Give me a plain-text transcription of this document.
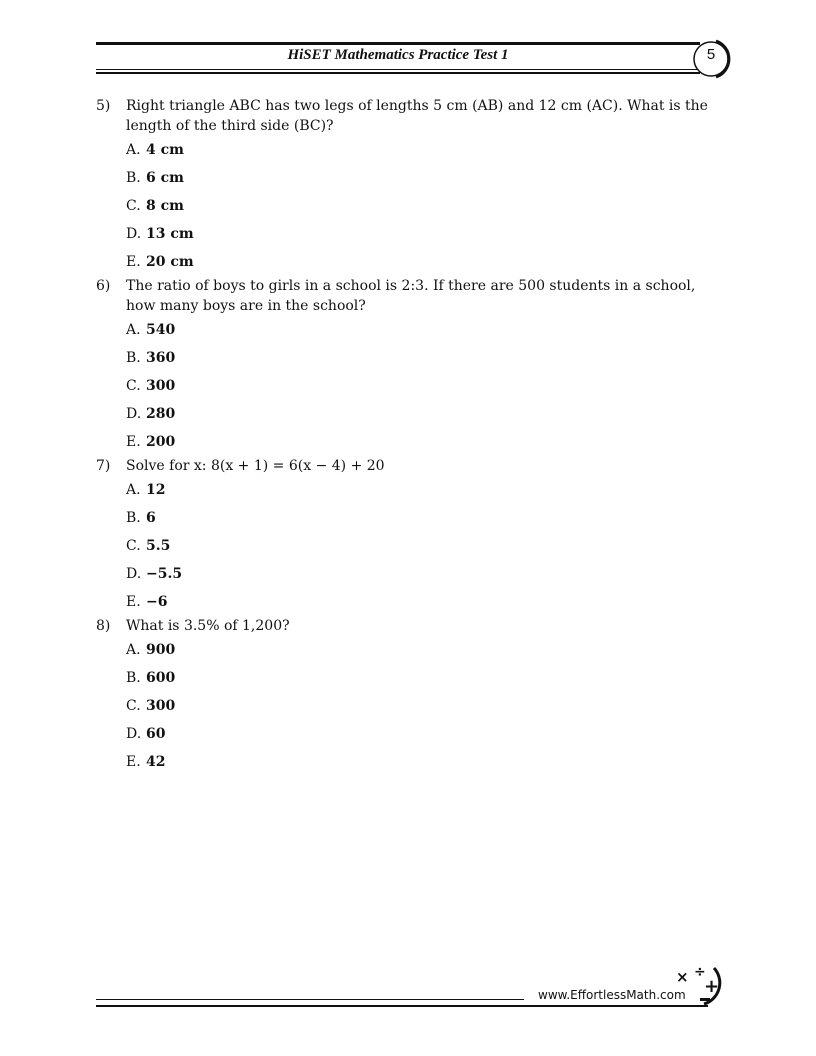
HiSET Mathematics Practice Test 1	5
5) Right triangle ABC has two legs of lengths 5 cm (AB) and 12 cm (AC). What is the length of the third side (BC)?
A. 4 cm
B. 6 cm
C. 8 cm
D. 13 cm
E. 20 cm
6) The ratio of boys to girls in a school is 2:3. If there are 500 students in a school, how many boys are in the school?
A. 540
B. 360
C. 300
D. 280
E. 200
7) Solve for x: 8(x + 1) = 6(x − 4) + 20
A. 12
B. 6
C. 5.5
D. −5.5
E. −6
8) What is 3.5% of 1,200?
A. 900
B. 600
C. 300
D. 60
E. 42
www.EffortlessMath.com
× ÷
+
